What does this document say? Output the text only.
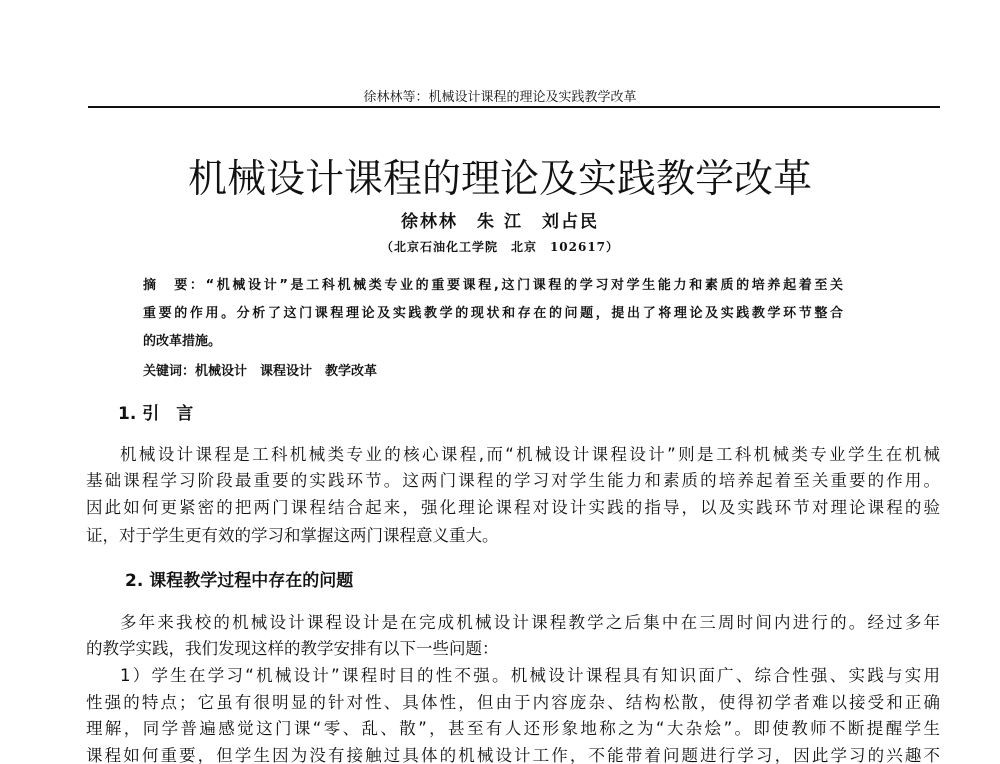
徐林林等：机械设计课程的理论及实践教学改革
机械设计课程的理论及实践教学改革
徐林林　朱 江　刘占民
（北京石油化工学院　北京　102617）
摘　要：“机械设计”是工科机械类专业的重要课程,这门课程的学习对学生能力和素质的培养起着至关
重要的作用。分析了这门课程理论及实践教学的现状和存在的问题，提出了将理论及实践教学环节整合
的改革措施。
关键词：机械设计　课程设计　教学改革
1. 引　言
机械设计课程是工科机械类专业的核心课程,而“机械设计课程设计”则是工科机械类专业学生在机械
基础课程学习阶段最重要的实践环节。这两门课程的学习对学生能力和素质的培养起着至关重要的作用。
因此如何更紧密的把两门课程结合起来，强化理论课程对设计实践的指导，以及实践环节对理论课程的验
证，对于学生更有效的学习和掌握这两门课程意义重大。
2. 课程教学过程中存在的问题
多年来我校的机械设计课程设计是在完成机械设计课程教学之后集中在三周时间内进行的。经过多年
的教学实践，我们发现这样的教学安排有以下一些问题：
1）学生在学习“机械设计”课程时目的性不强。机械设计课程具有知识面广、综合性强、实践与实用
性强的特点；它虽有很明显的针对性、具体性，但由于内容庞杂、结构松散，使得初学者难以接受和正确
理解，同学普遍感觉这门课“零、乱、散”，甚至有人还形象地称之为“大杂烩”。即使教师不断提醒学生
课程如何重要，但学生因为没有接触过具体的机械设计工作，不能带着问题进行学习，因此学习的兴趣不
